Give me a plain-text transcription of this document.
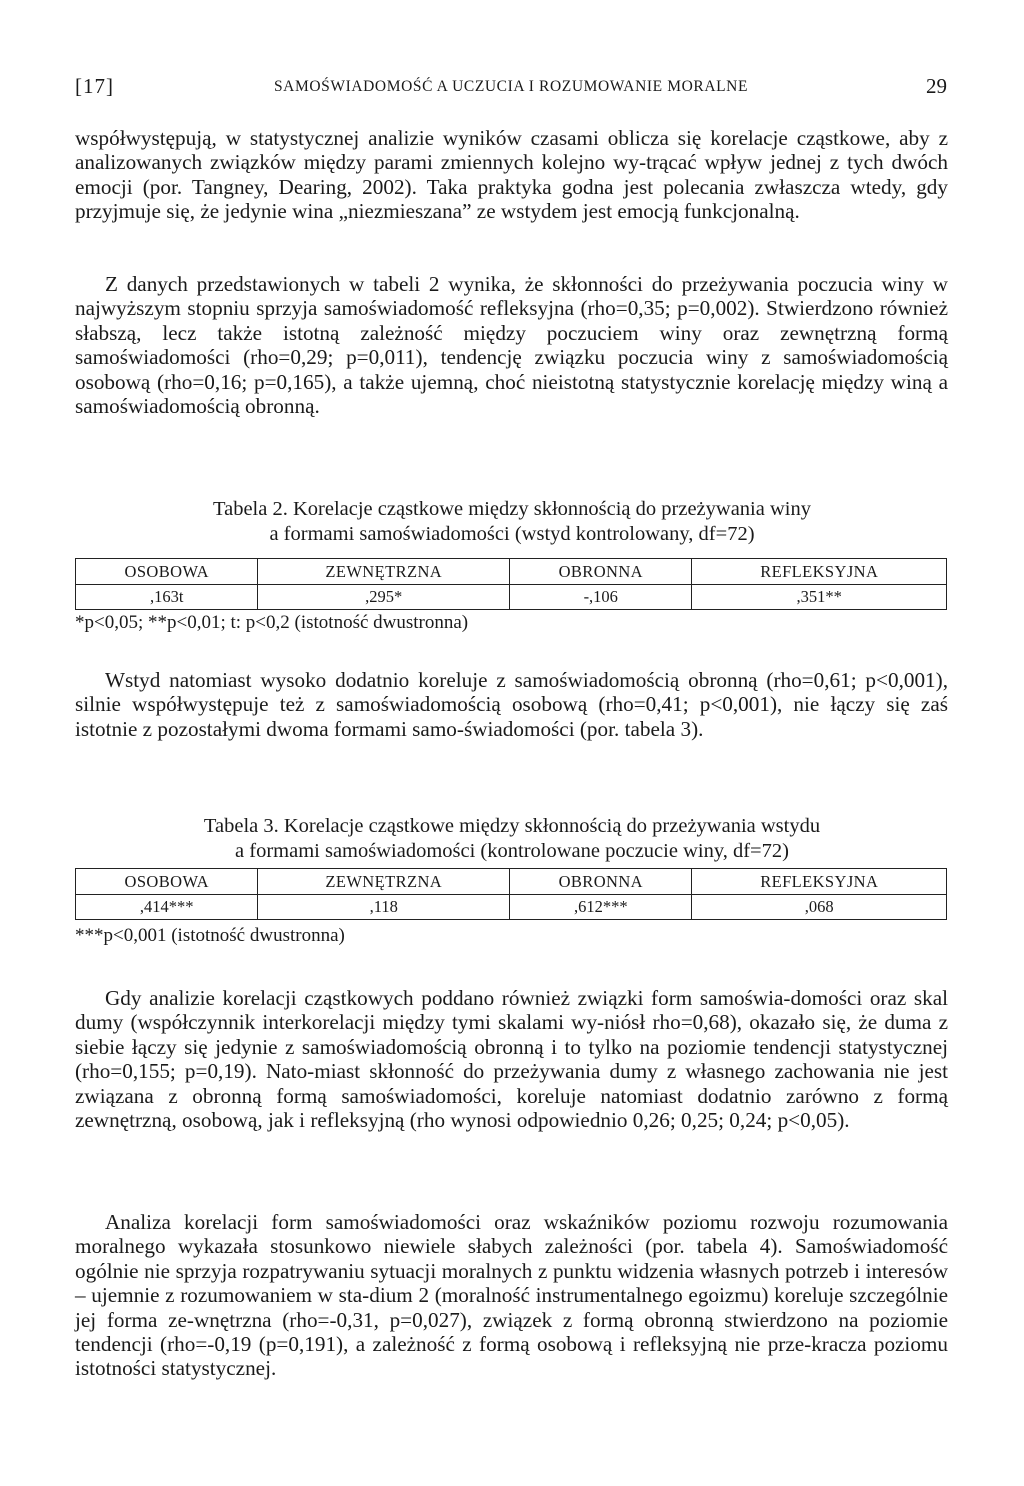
[17]	SAMOŚWIADOMOŚĆ A UCZUCIA I ROZUMOWANIE MORALNE	29

współwystępują, w statystycznej analizie wyników czasami oblicza się korelacje cząstkowe, aby z analizowanych związków między parami zmiennych kolejno wy-trącać wpływ jednej z tych dwóch emocji (por. Tangney, Dearing, 2002). Taka praktyka godna jest polecania zwłaszcza wtedy, gdy przyjmuje się, że jedynie wina „niezmieszana” ze wstydem jest emocją funkcjonalną.

Z danych przedstawionych w tabeli 2 wynika, że skłonności do przeżywania poczucia winy w najwyższym stopniu sprzyja samoświadomość refleksyjna (rho=0,35; p=0,002). Stwierdzono również słabszą, lecz także istotną zależność między poczuciem winy oraz zewnętrzną formą samoświadomości (rho=0,29; p=0,011), tendencję związku poczucia winy z samoświadomością osobową (rho=0,16; p=0,165), a także ujemną, choć nieistotną statystycznie korelację między winą a samoświadomością obronną.

Tabela 2. Korelacje cząstkowe między skłonnością do przeżywania winy

a formami samoświadomości (wstyd kontrolowany, df=72)

OSOBOWA	ZEWNĘTRZNA	OBRONNA	REFLEKSYJNA
,163t	,295*	-,106	,351**

*p<0,05; **p<0,01; t: p<0,2 (istotność dwustronna)

Wstyd natomiast wysoko dodatnio koreluje z samoświadomością obronną (rho=0,61; p<0,001), silnie współwystępuje też z samoświadomością osobową (rho=0,41; p<0,001), nie łączy się zaś istotnie z pozostałymi dwoma formami samo-świadomości (por. tabela 3).

Tabela 3. Korelacje cząstkowe między skłonnością do przeżywania wstydu

a formami samoświadomości (kontrolowane poczucie winy, df=72)

OSOBOWA	ZEWNĘTRZNA	OBRONNA	REFLEKSYJNA
,414***	,118	,612***	,068

***p<0,001 (istotność dwustronna)

Gdy analizie korelacji cząstkowych poddano również związki form samoświa-domości oraz skal dumy (współczynnik interkorelacji między tymi skalami wy-niósł rho=0,68), okazało się, że duma z siebie łączy się jedynie z samoświadomością obronną i to tylko na poziomie tendencji statystycznej (rho=0,155; p=0,19). Nato-miast skłonność do przeżywania dumy z własnego zachowania nie jest związana z obronną formą samoświadomości, koreluje natomiast dodatnio zarówno z formą zewnętrzną, osobową, jak i refleksyjną (rho wynosi odpowiednio 0,26; 0,25; 0,24; p<0,05).

Analiza korelacji form samoświadomości oraz wskaźników poziomu rozwoju rozumowania moralnego wykazała stosunkowo niewiele słabych zależności (por. tabela 4). Samoświadomość ogólnie nie sprzyja rozpatrywaniu sytuacji moralnych z punktu widzenia własnych potrzeb i interesów – ujemnie z rozumowaniem w sta-dium 2 (moralność instrumentalnego egoizmu) koreluje szczególnie jej forma ze-wnętrzna (rho=-0,31, p=0,027), związek z formą obronną stwierdzono na poziomie tendencji (rho=-0,19 (p=0,191), a zależność z formą osobową i refleksyjną nie prze-kracza poziomu istotności statystycznej.
